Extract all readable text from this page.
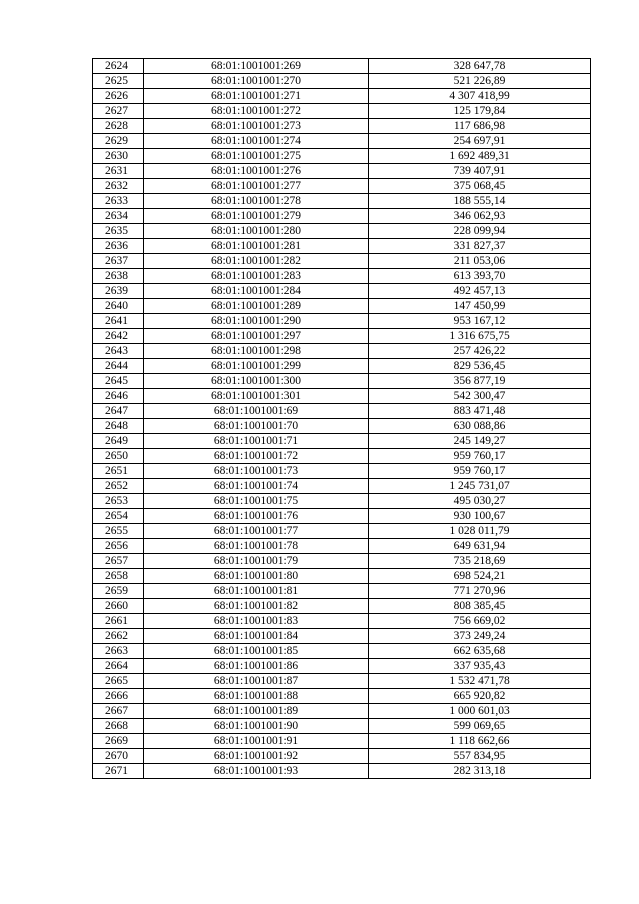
2624	68:01:1001001:269	328 647,78
2625	68:01:1001001:270	521 226,89
2626	68:01:1001001:271	4 307 418,99
2627	68:01:1001001:272	125 179,84
2628	68:01:1001001:273	117 686,98
2629	68:01:1001001:274	254 697,91
2630	68:01:1001001:275	1 692 489,31
2631	68:01:1001001:276	739 407,91
2632	68:01:1001001:277	375 068,45
2633	68:01:1001001:278	188 555,14
2634	68:01:1001001:279	346 062,93
2635	68:01:1001001:280	228 099,94
2636	68:01:1001001:281	331 827,37
2637	68:01:1001001:282	211 053,06
2638	68:01:1001001:283	613 393,70
2639	68:01:1001001:284	492 457,13
2640	68:01:1001001:289	147 450,99
2641	68:01:1001001:290	953 167,12
2642	68:01:1001001:297	1 316 675,75
2643	68:01:1001001:298	257 426,22
2644	68:01:1001001:299	829 536,45
2645	68:01:1001001:300	356 877,19
2646	68:01:1001001:301	542 300,47
2647	68:01:1001001:69	883 471,48
2648	68:01:1001001:70	630 088,86
2649	68:01:1001001:71	245 149,27
2650	68:01:1001001:72	959 760,17
2651	68:01:1001001:73	959 760,17
2652	68:01:1001001:74	1 245 731,07
2653	68:01:1001001:75	495 030,27
2654	68:01:1001001:76	930 100,67
2655	68:01:1001001:77	1 028 011,79
2656	68:01:1001001:78	649 631,94
2657	68:01:1001001:79	735 218,69
2658	68:01:1001001:80	698 524,21
2659	68:01:1001001:81	771 270,96
2660	68:01:1001001:82	808 385,45
2661	68:01:1001001:83	756 669,02
2662	68:01:1001001:84	373 249,24
2663	68:01:1001001:85	662 635,68
2664	68:01:1001001:86	337 935,43
2665	68:01:1001001:87	1 532 471,78
2666	68:01:1001001:88	665 920,82
2667	68:01:1001001:89	1 000 601,03
2668	68:01:1001001:90	599 069,65
2669	68:01:1001001:91	1 118 662,66
2670	68:01:1001001:92	557 834,95
2671	68:01:1001001:93	282 313,18
